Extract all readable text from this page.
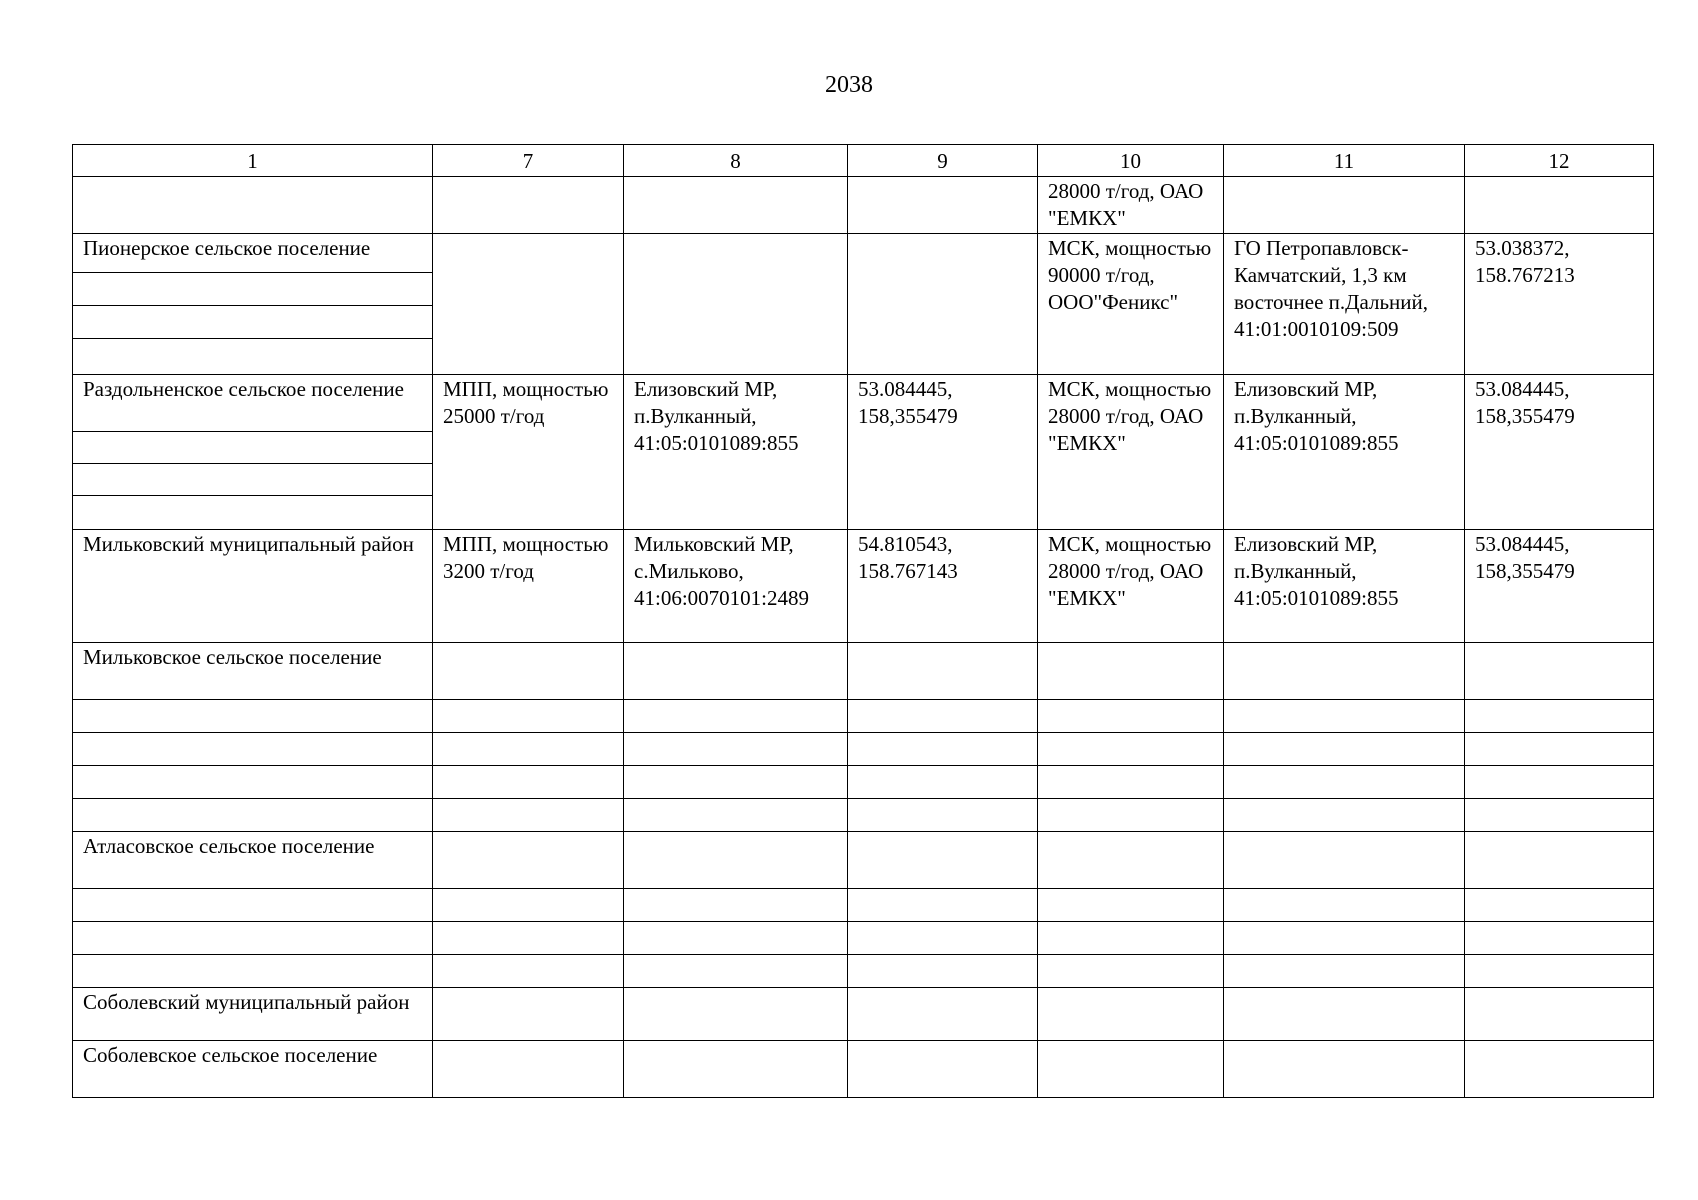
2038
1	7	8	9	10	11	12
				28000 т/год, ОАО "ЕМКХ"		
Пионерское сельское поселение				МСК, мощностью 90000 т/год, ООО"Феникс"	ГО Петропавловск-Камчатский, 1,3 км восточнее п.Дальний, 41:01:0010109:509	53.038372, 158.767213

Раздольненское сельское поселение	МПП, мощностью 25000 т/год	Елизовский МР, п.Вулканный, 41:05:0101089:855	53.084445, 158,355479	МСК, мощностью 28000 т/год, ОАО "ЕМКХ"	Елизовский МР, п.Вулканный, 41:05:0101089:855	53.084445, 158,355479

Мильковский муниципальный район	МПП, мощностью 3200 т/год	Мильковский МР, с.Мильково, 41:06:0070101:2489	54.810543, 158.767143	МСК, мощностью 28000 т/год, ОАО "ЕМКХ"	Елизовский МР, п.Вулканный, 41:05:0101089:855	53.084445, 158,355479
Мильковское сельское поселение						

Атласовское сельское поселение						

Соболевский муниципальный район						
Соболевское сельское поселение						
